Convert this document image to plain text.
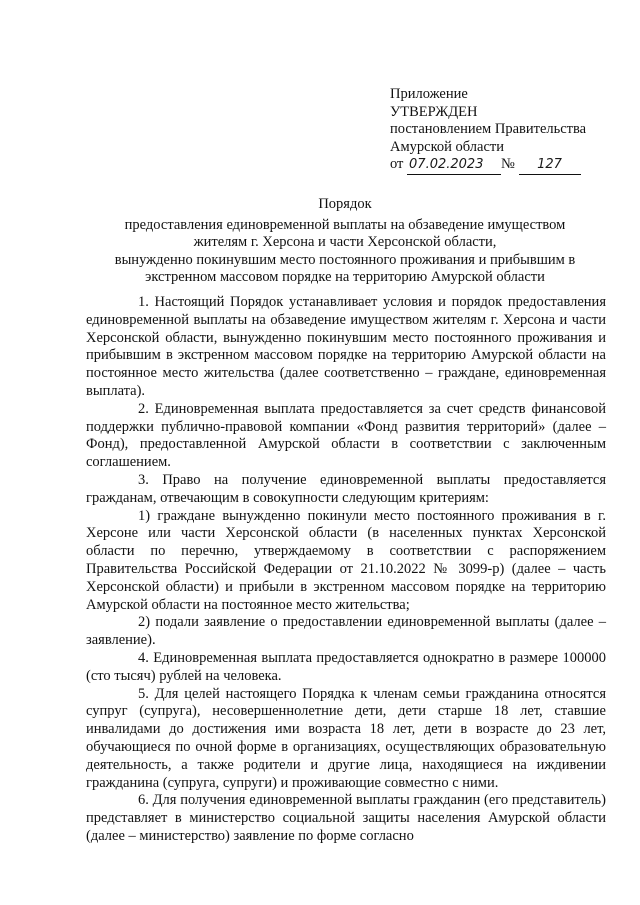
Приложение
УТВЕРЖДЕН
постановлением Правительства
Амурской области
от 07.02.2023 № 127
Порядок
предоставления единовременной выплаты на обзаведение имуществом
жителям г. Херсона и части Херсонской области,
вынужденно покинувшим место постоянного проживания и прибывшим в
экстренном массовом порядке на территорию Амурской области

1. Настоящий Порядок устанавливает условия и порядок предоставления единовременной выплаты на обзаведение имуществом жителям г. Херсона и части Херсонской области, вынужденно покинувшим место постоянного проживания и прибывшим в экстренном массовом порядке на территорию Амурской области на постоянное место жительства (далее соответственно – граждане, единовременная выплата).

2. Единовременная выплата предоставляется за счет средств финансовой поддержки публично-правовой компании «Фонд развития территорий» (далее – Фонд), предоставленной Амурской области в соответствии с заключенным соглашением.

3. Право на получение единовременной выплаты предоставляется гражданам, отвечающим в совокупности следующим критериям:

1) граждане вынужденно покинули место постоянного проживания в г. Херсоне или части Херсонской области (в населенных пунктах Херсонской области по перечню, утверждаемому в соответствии с распоряжением Правительства Российской Федерации от 21.10.2022 № 3099-р) (далее – часть Херсонской области) и прибыли в экстренном массовом порядке на территорию Амурской области на постоянное место жительства;

2) подали заявление о предоставлении единовременной выплаты (далее – заявление).

4. Единовременная выплата предоставляется однократно в размере 100000 (сто тысяч) рублей на человека.

5. Для целей настоящего Порядка к членам семьи гражданина относятся супруг (супруга), несовершеннолетние дети, дети старше 18 лет, ставшие инвалидами до достижения ими возраста 18 лет, дети в возрасте до 23 лет, обучающиеся по очной форме в организациях, осуществляющих образовательную деятельность, а также родители и другие лица, находящиеся на иждивении гражданина (супруга, супруги) и проживающие совместно с ними.

6. Для получения единовременной выплаты гражданин (его представитель) представляет в министерство социальной защиты населения Амурской области (далее – министерство) заявление по форме согласно
